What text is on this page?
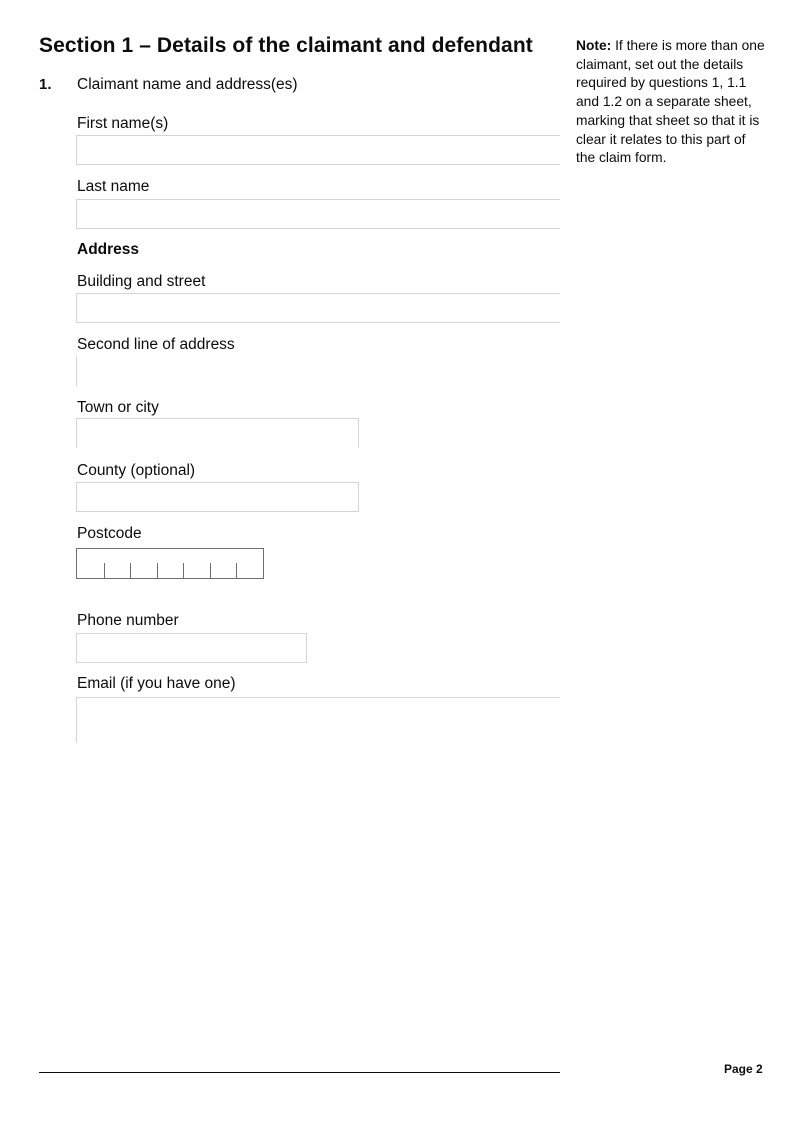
Section 1 – Details of the claimant and defendant
1. Claimant name and address(es)
First name(s)
Last name
Address
Building and street
Second line of address
Town or city
County (optional)
Postcode
Phone number
Email (if you have one)
Note: If there is more than one claimant, set out the details required by questions 1, 1.1 and 1.2 on a separate sheet, marking that sheet so that it is clear it relates to this part of the claim form.
Page 2
